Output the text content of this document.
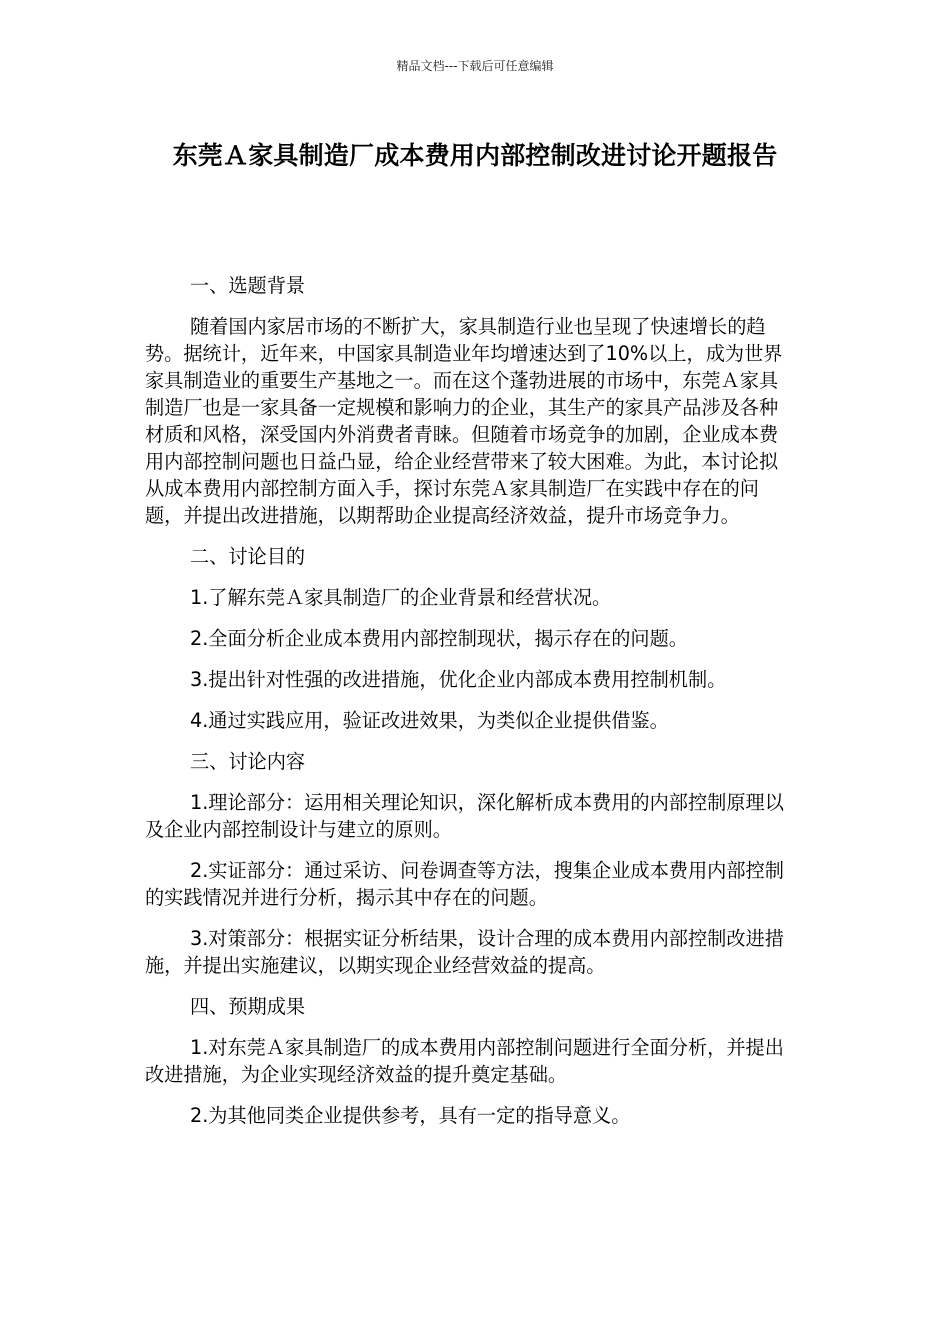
精品文档---下载后可任意编辑
东莞Ａ家具制造厂成本费用内部控制改进讨论开题报告
一、选题背景
随着国内家居市场的不断扩大，家具制造行业也呈现了快速增长的趋势。据统计，近年来，中国家具制造业年均增速达到了10%以上，成为世界家具制造业的重要生产基地之一。而在这个蓬勃进展的市场中，东莞Ａ家具制造厂也是一家具备一定规模和影响力的企业，其生产的家具产品涉及各种材质和风格，深受国内外消费者青睐。但随着市场竞争的加剧，企业成本费用内部控制问题也日益凸显，给企业经营带来了较大困难。为此，本讨论拟从成本费用内部控制方面入手，探讨东莞Ａ家具制造厂在实践中存在的问题，并提出改进措施，以期帮助企业提高经济效益，提升市场竞争力。
二、讨论目的
1.了解东莞Ａ家具制造厂的企业背景和经营状况。
2.全面分析企业成本费用内部控制现状，揭示存在的问题。
3.提出针对性强的改进措施，优化企业内部成本费用控制机制。
4.通过实践应用，验证改进效果，为类似企业提供借鉴。
三、讨论内容
1.理论部分：运用相关理论知识，深化解析成本费用的内部控制原理以及企业内部控制设计与建立的原则。
2.实证部分：通过采访、问卷调查等方法，搜集企业成本费用内部控制的实践情况并进行分析，揭示其中存在的问题。
3.对策部分：根据实证分析结果，设计合理的成本费用内部控制改进措施，并提出实施建议，以期实现企业经营效益的提高。
四、预期成果
1.对东莞Ａ家具制造厂的成本费用内部控制问题进行全面分析，并提出改进措施，为企业实现经济效益的提升奠定基础。
2.为其他同类企业提供参考，具有一定的指导意义。
